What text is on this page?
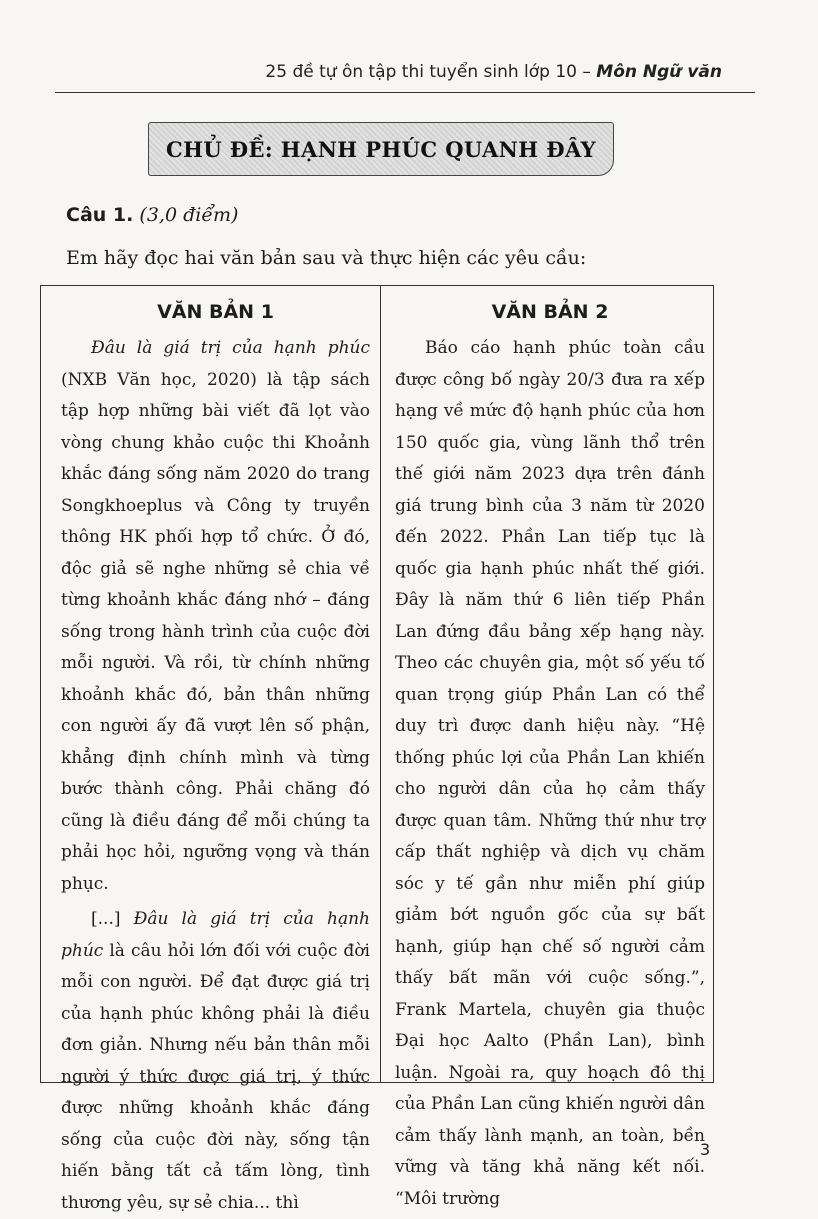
25 đề tự ôn tập thi tuyển sinh lớp 10 – Môn Ngữ văn
CHỦ ĐỀ: HẠNH PHÚC QUANH ĐÂY
Câu 1. (3,0 điểm)
Em hãy đọc hai văn bản sau và thực hiện các yêu cầu:
VĂN BẢN 1

Đâu là giá trị của hạnh phúc (NXB Văn học, 2020) là tập sách tập hợp những bài viết đã lọt vào vòng chung khảo cuộc thi Khoảnh khắc đáng sống năm 2020 do trang Songkhoeplus và Công ty truyền thông HK phối hợp tổ chức. Ở đó, độc giả sẽ nghe những sẻ chia về từng khoảnh khắc đáng nhớ – đáng sống trong hành trình của cuộc đời mỗi người. Và rồi, từ chính những khoảnh khắc đó, bản thân những con người ấy đã vượt lên số phận, khẳng định chính mình và từng bước thành công. Phải chăng đó cũng là điều đáng để mỗi chúng ta phải học hỏi, ngưỡng vọng và thán phục.

[...] Đâu là giá trị của hạnh phúc là câu hỏi lớn đối với cuộc đời mỗi con người. Để đạt được giá trị của hạnh phúc không phải là điều đơn giản. Nhưng nếu bản thân mỗi người ý thức được giá trị, ý thức được những khoảnh khắc đáng sống của cuộc đời này, sống tận hiến bằng tất cả tấm lòng, tình thương yêu, sự sẻ chia... thì

VĂN BẢN 2

Báo cáo hạnh phúc toàn cầu được công bố ngày 20/3 đưa ra xếp hạng về mức độ hạnh phúc của hơn 150 quốc gia, vùng lãnh thổ trên thế giới năm 2023 dựa trên đánh giá trung bình của 3 năm từ 2020 đến 2022. Phần Lan tiếp tục là quốc gia hạnh phúc nhất thế giới. Đây là năm thứ 6 liên tiếp Phần Lan đứng đầu bảng xếp hạng này. Theo các chuyên gia, một số yếu tố quan trọng giúp Phần Lan có thể duy trì được danh hiệu này. “Hệ thống phúc lợi của Phần Lan khiến cho người dân của họ cảm thấy được quan tâm. Những thứ như trợ cấp thất nghiệp và dịch vụ chăm sóc y tế gần như miễn phí giúp giảm bớt nguồn gốc của sự bất hạnh, giúp hạn chế số người cảm thấy bất mãn với cuộc sống.”, Frank Martela, chuyên gia thuộc Đại học Aalto (Phần Lan), bình luận. Ngoài ra, quy hoạch đô thị của Phần Lan cũng khiến người dân cảm thấy lành mạnh, an toàn, bền vững và tăng khả năng kết nối. “Môi trường

3
